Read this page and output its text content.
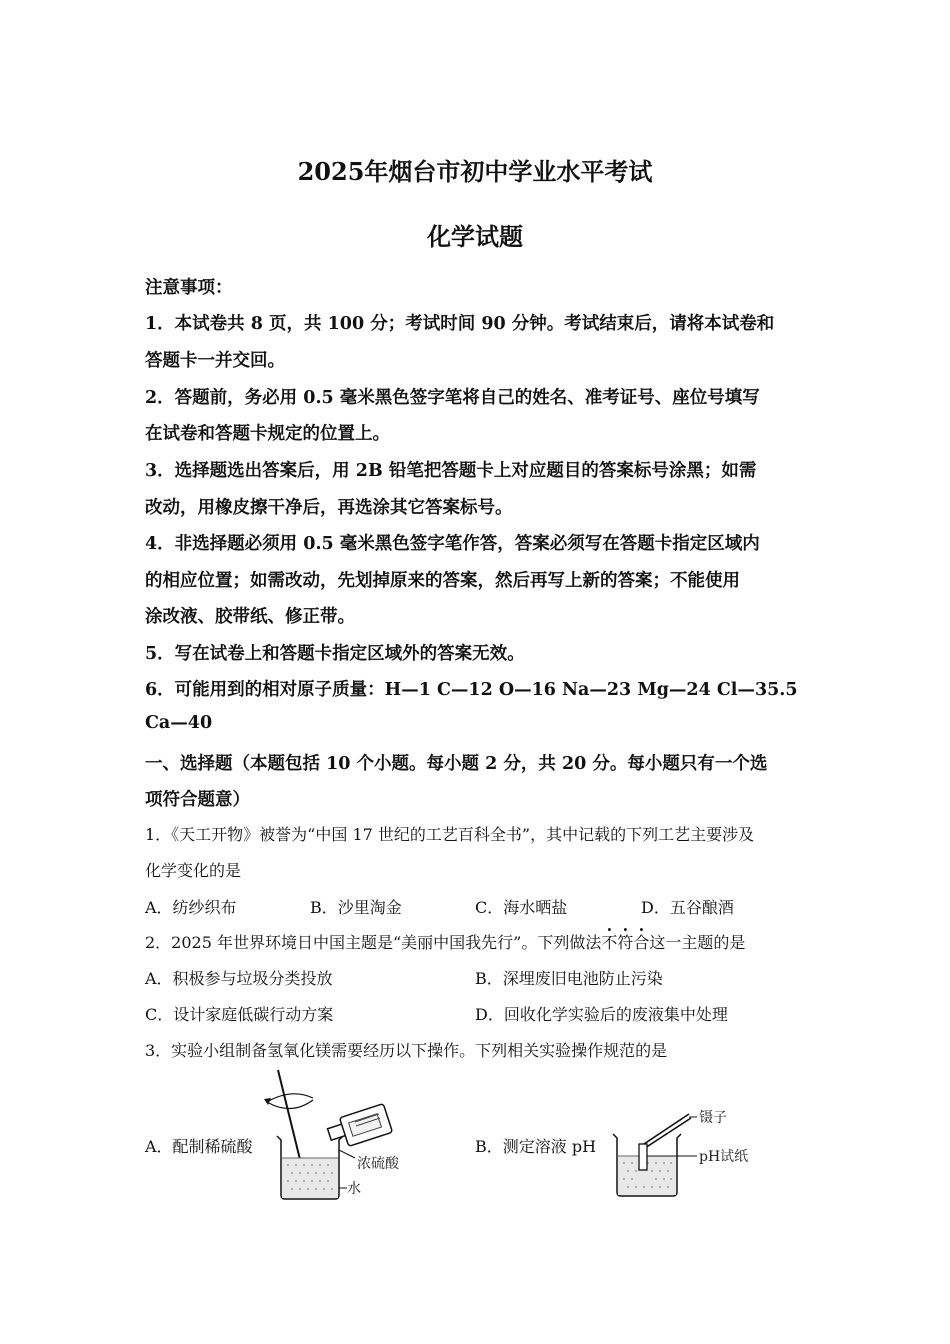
2025年烟台市初中学业水平考试
化学试题
注意事项：
1．本试卷共 8 页，共 100 分；考试时间 90 分钟。考试结束后，请将本试卷和
答题卡一并交回。
2．答题前，务必用 0.5 毫米黑色签字笔将自己的姓名、准考证号、座位号填写
在试卷和答题卡规定的位置上。
3．选择题选出答案后，用 2B 铅笔把答题卡上对应题目的答案标号涂黑；如需
改动，用橡皮擦干净后，再选涂其它答案标号。
4．非选择题必须用 0.5 毫米黑色签字笔作答，答案必须写在答题卡指定区域内
的相应位置；如需改动，先划掉原来的答案，然后再写上新的答案；不能使用
涂改液、胶带纸、修正带。
5．写在试卷上和答题卡指定区域外的答案无效。
6．可能用到的相对原子质量：H—1 C—12 O—16 Na—23 Mg—24 Cl—35.5
Ca—40
一、选择题（本题包括 10 个小题。每小题 2 分，共 20 分。每小题只有一个选
项符合题意）
1．《天工开物》被誉为“中国 17 世纪的工艺百科全书”，其中记载的下列工艺主要涉及
化学变化的是
A．纺纱织布	B．沙里淘金	C．海水晒盐	D．五谷酿酒
2．2025 年世界环境日中国主题是“美丽中国我先行”。下列做法不符合这一主题的是
A．积极参与垃圾分类投放	B．深埋废旧电池防止污染
C．设计家庭低碳行动方案	D．回收化学实验后的废液集中处理
3．实验小组制备氢氧化镁需要经历以下操作。下列相关实验操作规范的是
A．配制稀硫酸	B．测定溶液 pH
浓硫酸
水
镊子
pH试纸
